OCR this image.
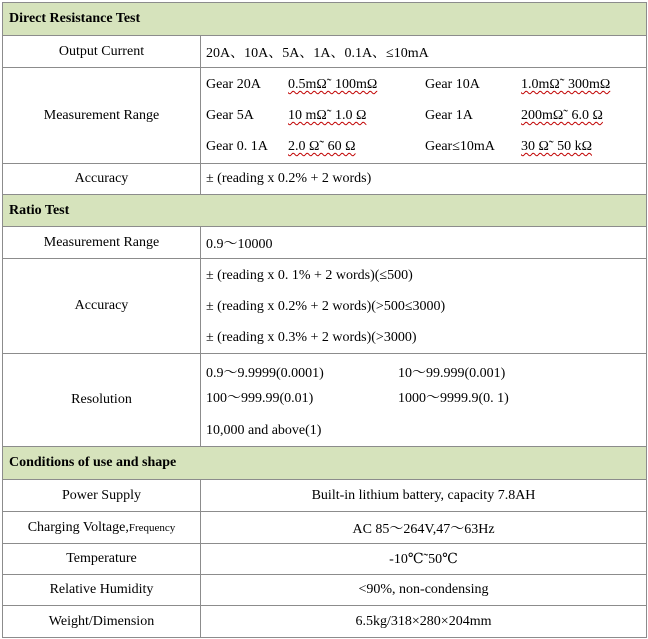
Direct Resistance Test	
Output Current	20A、10A、5A、1A、0.1A、≤10mA
Measurement Range	Gear 20A 0.5mΩ˜ 100mΩ Gear 10A 1.0mΩ˜ 300mΩ
Gear 5A 10 mΩ˜ 1.0 Ω Gear 1A 200mΩ˜ 6.0 Ω
Gear 0. 1A 2.0 Ω˜ 60 Ω Gear≤10mA 30 Ω˜ 50 kΩ

Accuracy	± (reading x 0.2% + 2 words)
Ratio Test	
Measurement Range	0.9～10000
Accuracy	± (reading x 0. 1% + 2 words)(≤500)
± (reading x 0.2% + 2 words)(>500≤3000)
± (reading x 0.3% + 2 words)(>3000)

Resolution	0.9～9.9999(0.0001) 10～99.999(0.001)
100～999.99(0.01) 1000～9999.9(0. 1)
10,000 and above(1)

Conditions of use and shape	
Power Supply	Built-in lithium battery, capacity 7.8AH
Charging Voltage,Frequency	AC 85～264V,47～63Hz
Temperature	-10℃˜50℃
Relative Humidity	<90%, non-condensing
Weight/Dimension	6.5kg/318×280×204mm
